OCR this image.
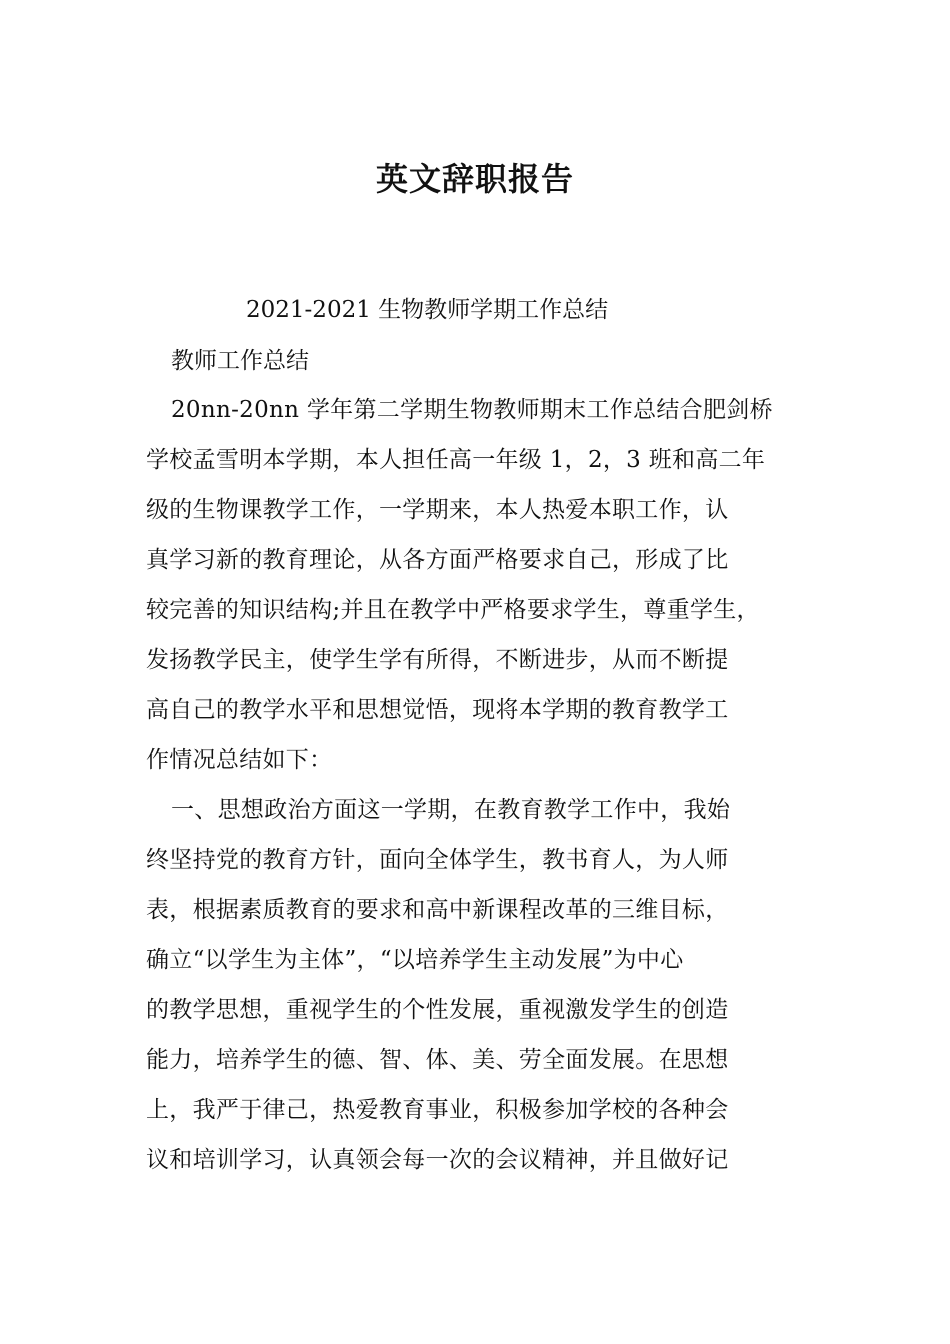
英文辞职报告
2021-2021 生物教师学期工作总结
教师工作总结
20nn-20nn 学年第二学期生物教师期末工作总结合肥剑桥
学校孟雪明本学期，本人担任高一年级 1，2，3 班和高二年
级的生物课教学工作，一学期来，本人热爱本职工作，认
真学习新的教育理论，从各方面严格要求自己，形成了比
较完善的知识结构;并且在教学中严格要求学生，尊重学生，
发扬教学民主，使学生学有所得，不断进步，从而不断提
高自己的教学水平和思想觉悟，现将本学期的教育教学工
作情况总结如下：
一、思想政治方面这一学期，在教育教学工作中，我始
终坚持党的教育方针，面向全体学生，教书育人，为人师
表，根据素质教育的要求和高中新课程改革的三维目标，
确立“以学生为主体”，“以培养学生主动发展”为中心
的教学思想，重视学生的个性发展，重视激发学生的创造
能力，培养学生的德、智、体、美、劳全面发展。在思想
上，我严于律己，热爱教育事业，积极参加学校的各种会
议和培训学习，认真领会每一次的会议精神，并且做好记
